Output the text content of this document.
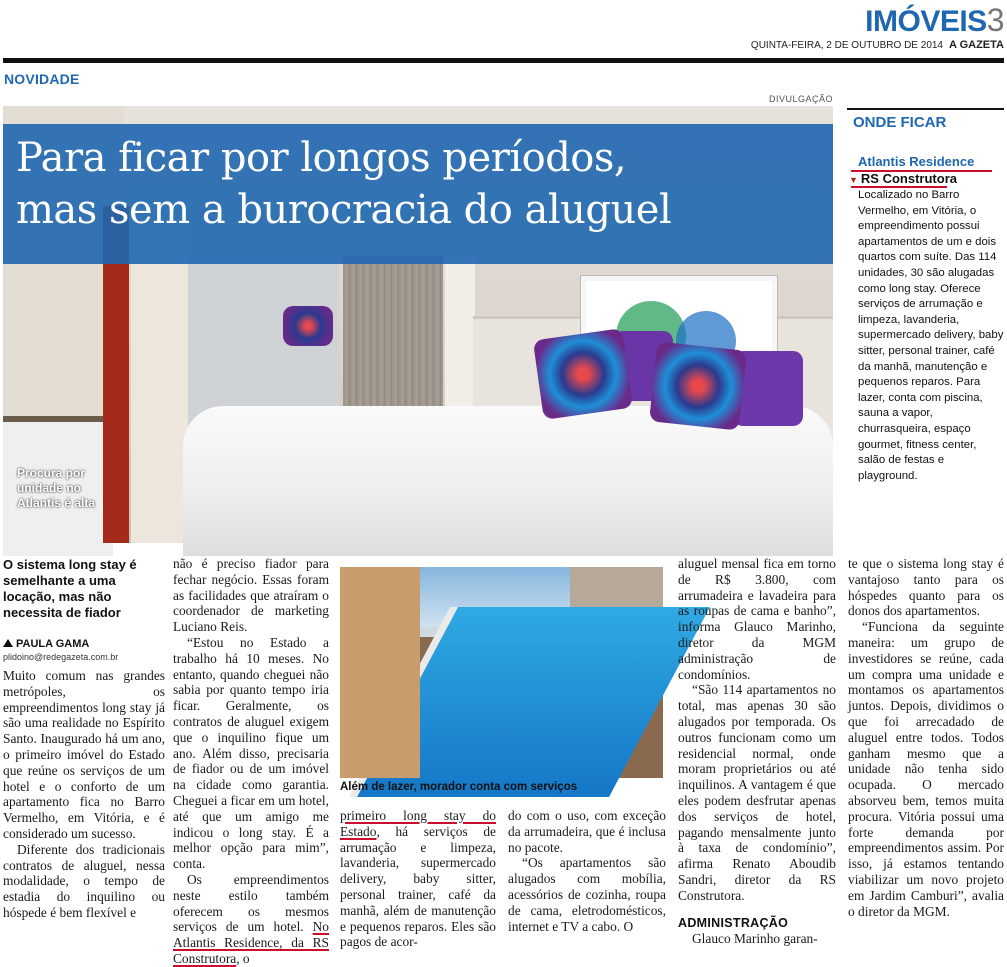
IMÓVEIS3
QUINTA-FEIRA, 2 DE OUTUBRO DE 2014 A GAZETA
NOVIDADE
DIVULGAÇÃO
Para ficar por longos períodos,
mas sem a burocracia do aluguel
Procura por unidade no Atlantis é alta
ONDE FICAR
Atlantis Residence
▼ RS Construtora
Localizado no Barro Vermelho, em Vitória, o empreendimento possui apartamentos de um e dois quartos com suíte. Das 114 unidades, 30 são alugadas como long stay. Oferece serviços de arrumação e limpeza, lavanderia, supermercado delivery, baby sitter, personal trainer, café da manhã, manutenção e pequenos reparos. Para lazer, conta com piscina, sauna a vapor, churrasqueira, espaço gourmet, fitness center, salão de festas e playground.
O sistema long stay é semelhante a uma locação, mas não necessita de fiador
PAULA GAMA
plidoino@redegazeta.com.br

Muito comum nas grandes metrópoles, os empreendimentos long stay já são uma realidade no Espírito Santo. Inaugurado há um ano, o primeiro imóvel do Estado que reúne os serviços de um hotel e o conforto de um apartamento fica no Barro Vermelho, em Vitória, e é considerado um sucesso.

Diferente dos tradicionais contratos de aluguel, nessa modalidade, o tempo de estadia do inquilino ou hóspede é bem flexível e

não é preciso fiador para fechar negócio. Essas foram as facilidades que atraíram o coordenador de marketing Luciano Reis.

“Estou no Estado a trabalho há 10 meses. No entanto, quando cheguei não sabia por quanto tempo iria ficar. Geralmente, os contratos de aluguel exigem que o inquilino fique um ano. Além disso, precisaria de fiador ou de um imóvel na cidade como garantia. Cheguei a ficar em um hotel, até que um amigo me indicou o long stay. É a melhor opção para mim”, conta.

Os empreendimentos neste estilo também oferecem os mesmos serviços de um hotel. No Atlantis Residence, da RS Construtora, o

Além de lazer, morador conta com serviços

primeiro long stay do Estado, há serviços de arrumação e limpeza, lavanderia, supermercado delivery, baby sitter, personal trainer, café da manhã, além de manutenção e pequenos reparos. Eles são pagos de acor-

do com o uso, com exceção da arrumadeira, que é inclusa no pacote.

“Os apartamentos são alugados com mobília, acessórios de cozinha, roupa de cama, eletrodomésticos, internet e TV a cabo. O

aluguel mensal fica em torno de R$ 3.800, com arrumadeira e lavadeira para as roupas de cama e banho”, informa Glauco Marinho, diretor da MGM administração de condomínios.

“São 114 apartamentos no total, mas apenas 30 são alugados por temporada. Os outros funcionam como um residencial normal, onde moram proprietários ou até inquilinos. A vantagem é que eles podem desfrutar apenas dos serviços de hotel, pagando mensalmente junto à taxa de condomínio”, afirma Renato Aboudib Sandri, diretor da RS Construtora.

ADMINISTRAÇÃO

Glauco Marinho garan-

te que o sistema long stay é vantajoso tanto para os hóspedes quanto para os donos dos apartamentos.

“Funciona da seguinte maneira: um grupo de investidores se reúne, cada um compra uma unidade e montamos os apartamentos juntos. Depois, dividimos o que foi arrecadado de aluguel entre todos. Todos ganham mesmo que a unidade não tenha sido ocupada. O mercado absorveu bem, temos muita procura. Vitória possui uma forte demanda por empreendimentos assim. Por isso, já estamos tentando viabilizar um novo projeto em Jardim Camburi”, avalia o diretor da MGM.
